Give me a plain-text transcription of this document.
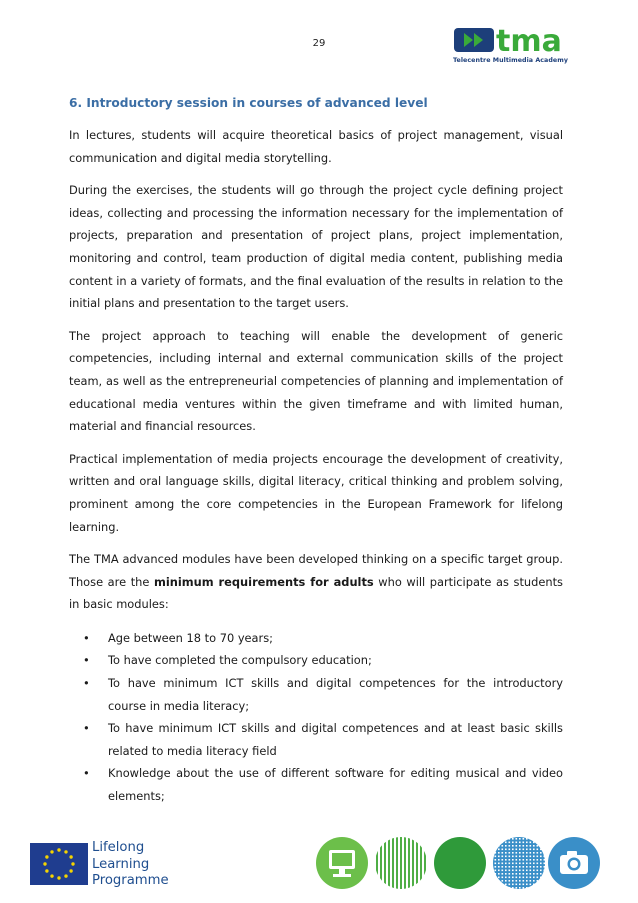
29	tma
Telecentre Multimedia Academy
6. Introductory session in courses of advanced level

In lectures, students will acquire theoretical basics of project management, visual communication and digital media storytelling.

During the exercises, the students will go through the project cycle defining project ideas, collecting and processing the information necessary for the implementation of projects, preparation and presentation of project plans, project implementation, monitoring and control, team production of digital media content, publishing media content in a variety of formats, and the final evaluation of the results in relation to the initial plans and presentation to the target users.

The project approach to teaching will enable the development of generic competencies, including internal and external communication skills of the project team, as well as the entrepreneurial competencies of planning and implementation of educational media ventures within the given timeframe and with limited human, material and financial resources.

Practical implementation of media projects encourage the development of creativity, written and oral language skills, digital literacy, critical thinking and problem solving, prominent among the core competencies in the European Framework for lifelong learning.

The TMA advanced modules have been developed thinking on a specific target group. Those are the minimum requirements for adults who will participate as students in basic modules:

• Age between 18 to 70 years;
• To have completed the compulsory education;
• To have minimum ICT skills and digital competences for the introductory course in media literacy;
• To have minimum ICT skills and digital competences and at least basic skills related to media literacy field
• Knowledge about the use of different software for editing musical and video elements;
Lifelong
Learning
Programme
